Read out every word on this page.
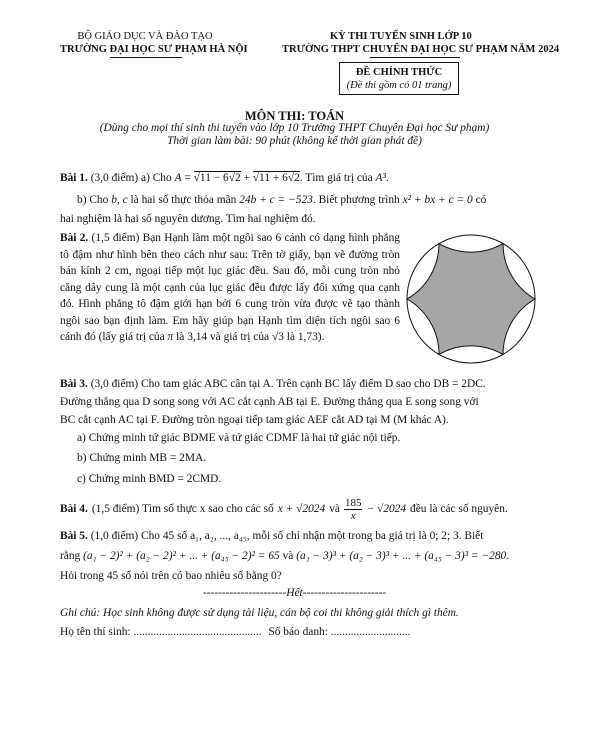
BỘ GIÁO DỤC VÀ ĐÀO TẠO
TRƯỜNG ĐẠI HỌC SƯ PHẠM HÀ NỘI
KỲ THI TUYỂN SINH LỚP 10
TRƯỜNG THPT CHUYÊN ĐẠI HỌC SƯ PHẠM NĂM 2024
ĐỀ CHÍNH THỨC
(Đề thi gồm có 01 trang)
MÔN THI: TOÁN
(Dùng cho mọi thí sinh thi tuyển vào lớp 10 Trường THPT Chuyên Đại học Sư phạm)
Thời gian làm bài: 90 phút (không kể thời gian phát đề)
Bài 1. (3,0 điểm) a) Cho A = √11 − 6√2 + √11 + 6√2. Tìm giá trị của A³.
b) Cho b, c là hai số thực thỏa mãn 24b + c = −523. Biết phương trình x² + bx + c = 0 có
hai nghiệm là hai số nguyên dương. Tìm hai nghiệm đó.
Bài 2. (1,5 điểm) Bạn Hạnh làm một ngôi sao 6 cánh có dạng hình phẳng tô đậm như hình bên theo cách như sau: Trên tờ giấy, bạn vẽ đường tròn bán kính 2 cm, ngoại tiếp một lục giác đều. Sau đó, mỗi cung tròn nhỏ căng dây cung là một cạnh của lục giác đều được lấy đối xứng qua cạnh đó. Hình phẳng tô đậm giới hạn bởi 6 cung tròn vừa được vẽ tạo thành ngôi sao bạn định làm. Em hãy giúp bạn Hạnh tìm diện tích ngôi sao 6 cánh đó (lấy giá trị của π là 3,14 và giá trị của √3 là 1,73).
Bài 3. (3,0 điểm) Cho tam giác ABC cân tại A. Trên cạnh BC lấy điểm D sao cho DB = 2DC.
Đường thẳng qua D song song với AC cắt cạnh AB tại E. Đường thẳng qua E song song với
BC cắt cạnh AC tại F. Đường tròn ngoại tiếp tam giác AEF cắt AD tại M (M khác A).
a) Chứng minh tứ giác BDME và tứ giác CDMF là hai tứ giác nội tiếp.
b) Chứng minh MB = 2MA.
c) Chứng minh BMD = 2CMD.
Bài 4. (1,5 điểm) Tìm số thực x sao cho các số x + √2024 và
185
x
− √2024 đều là các số nguyên.
Bài 5. (1,0 điểm) Cho 45 số a₁, a₂, ..., a₄₅, mỗi số chỉ nhận một trong ba giá trị là 0; 2; 3. Biết
rằng (a₁ − 2)² + (a₂ − 2)² + ... + (a₄₅ − 2)² = 65 và (a₁ − 3)³ + (a₂ − 3)³ + ... + (a₄₅ − 3)³ = −280.
Hỏi trong 45 số nói trên có bao nhiêu số bằng 0?
----------------------Hết----------------------
Ghi chú: Học sinh không được sử dụng tài liệu, cán bộ coi thi không giải thích gì thêm.
Họ tên thí sinh: ............................................. Số báo danh: ............................
